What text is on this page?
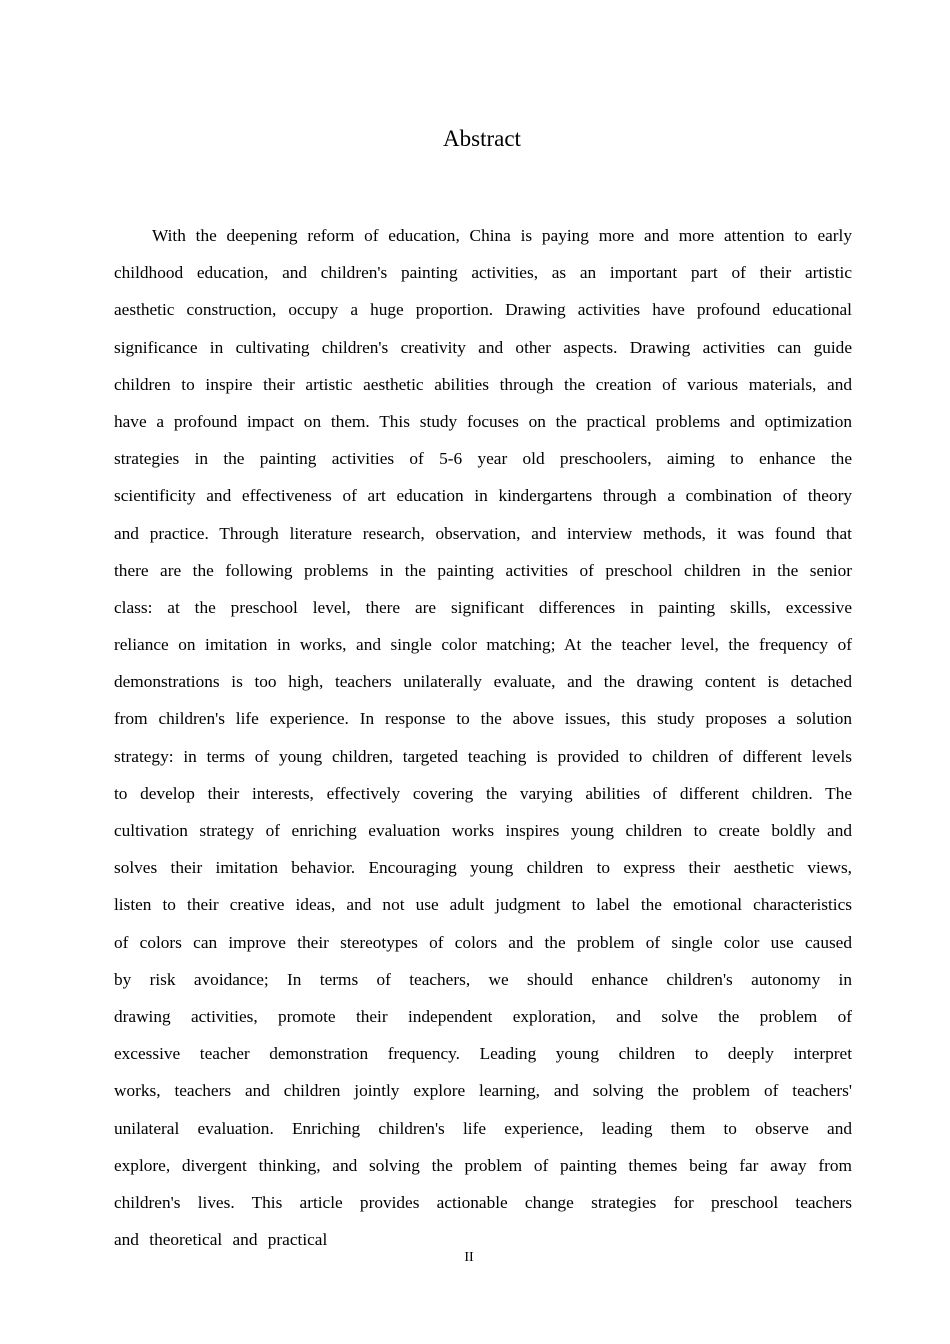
Abstract
With the deepening reform of education, China is paying more and more attention to early
childhood education, and children's painting activities, as an important part of their artistic
aesthetic construction, occupy a huge proportion. Drawing activities have profound educational
significance in cultivating children's creativity and other aspects. Drawing activities can guide
children to inspire their artistic aesthetic abilities through the creation of various materials, and
have a profound impact on them. This study focuses on the practical problems and optimization
strategies in the painting activities of 5-6 year old preschoolers, aiming to enhance the
scientificity and effectiveness of art education in kindergartens through a combination of theory
and practice. Through literature research, observation, and interview methods, it was found that
there are the following problems in the painting activities of preschool children in the senior
class: at the preschool level, there are significant differences in painting skills, excessive
reliance on imitation in works, and single color matching; At the teacher level, the frequency of
demonstrations is too high, teachers unilaterally evaluate, and the drawing content is detached
from children's life experience. In response to the above issues, this study proposes a solution
strategy: in terms of young children, targeted teaching is provided to children of different levels
to develop their interests, effectively covering the varying abilities of different children. The
cultivation strategy of enriching evaluation works inspires young children to create boldly and
solves their imitation behavior. Encouraging young children to express their aesthetic views,
listen to their creative ideas, and not use adult judgment to label the emotional characteristics
of colors can improve their stereotypes of colors and the problem of single color use caused
by risk avoidance; In terms of teachers, we should enhance children's autonomy in
drawing activities, promote their independent exploration, and solve the problem of
excessive teacher demonstration frequency. Leading young children to deeply interpret
works, teachers and children jointly explore learning, and solving the problem of teachers'
unilateral evaluation. Enriching children's life experience, leading them to observe and
explore, divergent thinking, and solving the problem of painting themes being far away from
children's lives. This article provides actionable change strategies for preschool teachers
and theoretical and practical
II
